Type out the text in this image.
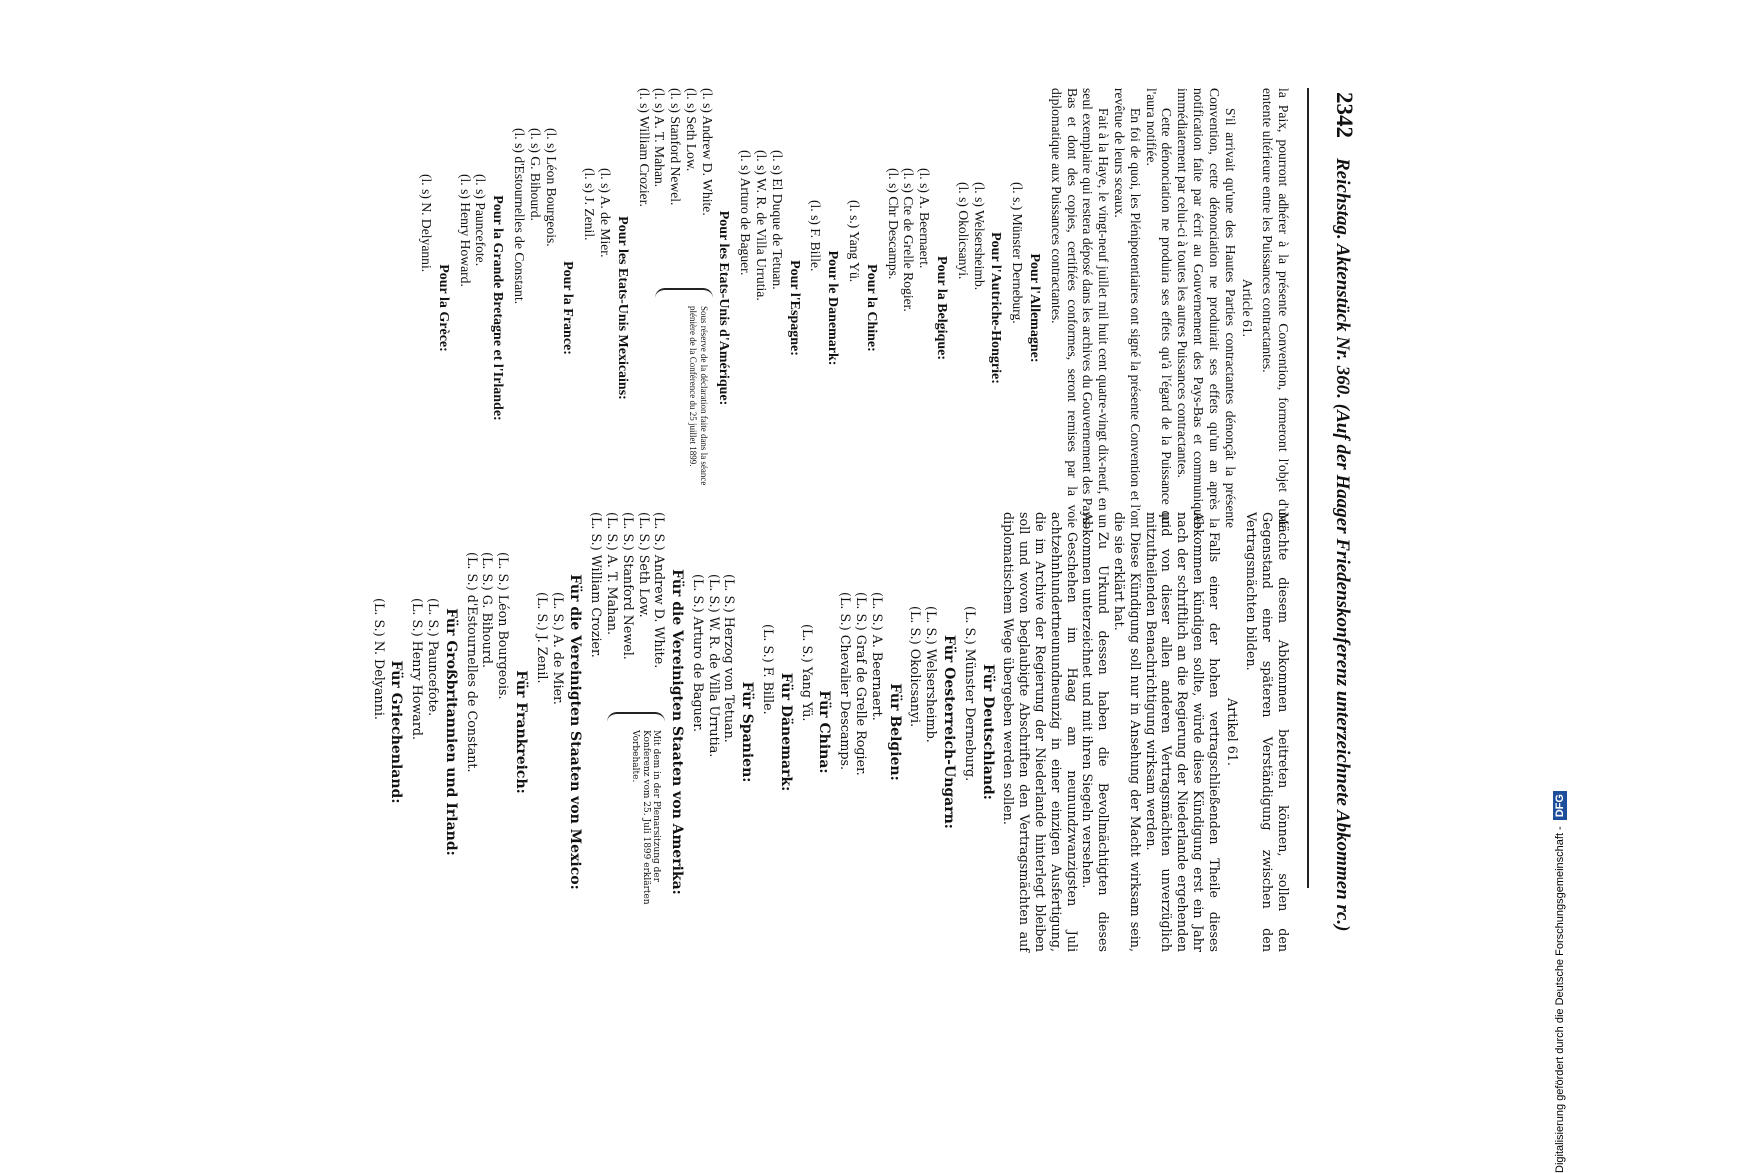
2342
Reichstag. Aktenstück Nr. 360. (Auf der Haager Friedenskonferenz unterzeichnete Abkommen rc.)

la Paix, pourront adhérer à la présente Convention, formeront l'objet d'une entente ultérieure entre les Puissances contractantes.

Article 61.

S'il arrivait qu'une des Hautes Parties contractantes dénonçât la présente Convention, cette dénonciation ne produirait ses effets qu'un an après la notification faite par écrit au Gouvernement des Pays-Bas et communiquée immédiatement par celui-ci à toutes les autres Puissances contractantes.

Cette dénonciation ne produira ses effets qu'à l'égard de la Puissance qui l'aura notifiée.

En foi de quoi, les Plénipotentiaires ont signé la présente Convention et l'ont revêtue de leurs sceaux.

Fait à la Haye, le vingt-neuf juillet mil huit cent quatre-vingt dix-neuf, en un seul exemplaire qui restera déposé dans les archives du Gouvernement des Pays-Bas et dont des copies, certifiées conformes, seront remises par la voie diplomatique aux Puissances contractantes.

Pour l'Allemagne:
(l. s.) Münster Derneburg.
Pour l'Autriche-Hongrie:
(l. s) Welsersheimb.
(l. s) Okolicsanyi.
Pour la Belgique:
(l. s) A. Beernaert.
(l. s) Cte de Grelle Rogier.
(l. s) Chr Descamps.
Pour la Chine:
(l. s.) Yang Yü.
Pour le Danemark:
(l. s) F. Bille.
Pour l'Espagne:
(l. s) El Duque de Tetuan.
(l. s) W. R. de Villa Urrutia.
(l. s) Arturo de Baguer.
Pour les Etats-Unis d'Amérique:
(l. s) Andrew D. White.
(l. s) Seth Low.
(l. s) Stanford Newel.
(l. s) A. T. Mahan.
(l. s) William Crozier.
Sous réserve de la déclaration faite dans la séance plénière de la Conférence du 25 juillet 1899.
Pour les Etats-Unis Mexicains:
(l. s) A. de Mier.
(l. s) J. Zenil.
Pour la France:
(l. s) Léon Bourgeois.
(l. s) G. Bihourd.
(l. s) d'Estournelles de Constant.
Pour la Grande Bretagne et l'Irlande:
(l. s) Pauncefote.
(l. s) Henry Howard.
Pour la Grèce:
(l. s) N. Delyanni.

Mächte diesem Abkommen beitreten können, sollen den Gegenstand einer späteren Verständigung zwischen den Vertragsmächten bilden.

Artikel 61.

Falls einer der hohen vertragschließenden Theile dieses Abkommen kündigen sollte, würde diese Kündigung erst ein Jahr nach der schriftlich an die Regierung der Niederlande ergehenden und von dieser allen anderen Vertragsmächten unverzüglich mitzutheilenden Benachrichtigung wirksam werden.

Diese Kündigung soll nur in Ansehung der Macht wirksam sein, die sie erklärt hat.

Zu Urkund dessen haben die Bevollmächtigten dieses Abkommen unterzeichnet und mit ihren Siegeln versehen.

Geschehen im Haag am neunundzwanzigsten Juli achtzehnhundertneunundneunzig in einer einzigen Ausfertigung, die im Archive der Regierung der Niederlande hinterlegt bleiben soll und wovon beglaubigte Abschriften den Vertragsmächten auf diplomatischem Wege übergeben werden sollen.

Für Deutschland:
(L. S.) Münster Derneburg.
Für Oesterreich-Ungarn:
(L. S.) Welsersheimb.
(L. S.) Okolicsanyi.
Für Belgien:
(L. S.) A. Beernaert.
(L. S.) Graf de Grelle Rogier.
(L. S.) Chevalier Descamps.
Für China:
(L. S.) Yang Yü.
Für Dänemark:
(L. S.) F. Bille.
Für Spanien:
(L. S.) Herzog von Tetuan.
(L. S.) W. R. de Villa Urrutia.
(L. S.) Arturo de Baguer.
Für die Vereinigten Staaten von Amerika:
(L. S.) Andrew D. White.
(L. S.) Seth Low.
(L. S.) Stanford Newel.
(L. S.) A. T. Mahan.
(L. S.) William Crozier.
Mit dem in der Plenarsitzung der Konferenz vom 25. Juli 1899 erklärten Vorbehalte.
Für die Vereinigten Staaten von Mexico:
(L. S.) A. de Mier.
(L. S.) J. Zenil.
Für Frankreich:
(L. S.) Léon Bourgeois.
(L. S.) G. Bihourd.
(L. S.) d'Estournelles de Constant.
Für Großbritannien und Irland:
(L. S.) Pauncefote.
(L. S.) Henry Howard.
Für Griechenland:
(L. S.) N. Delyanni.
Digitalisierung gefördert durch die Deutsche Forschungsgemeinschaft -
DFG
